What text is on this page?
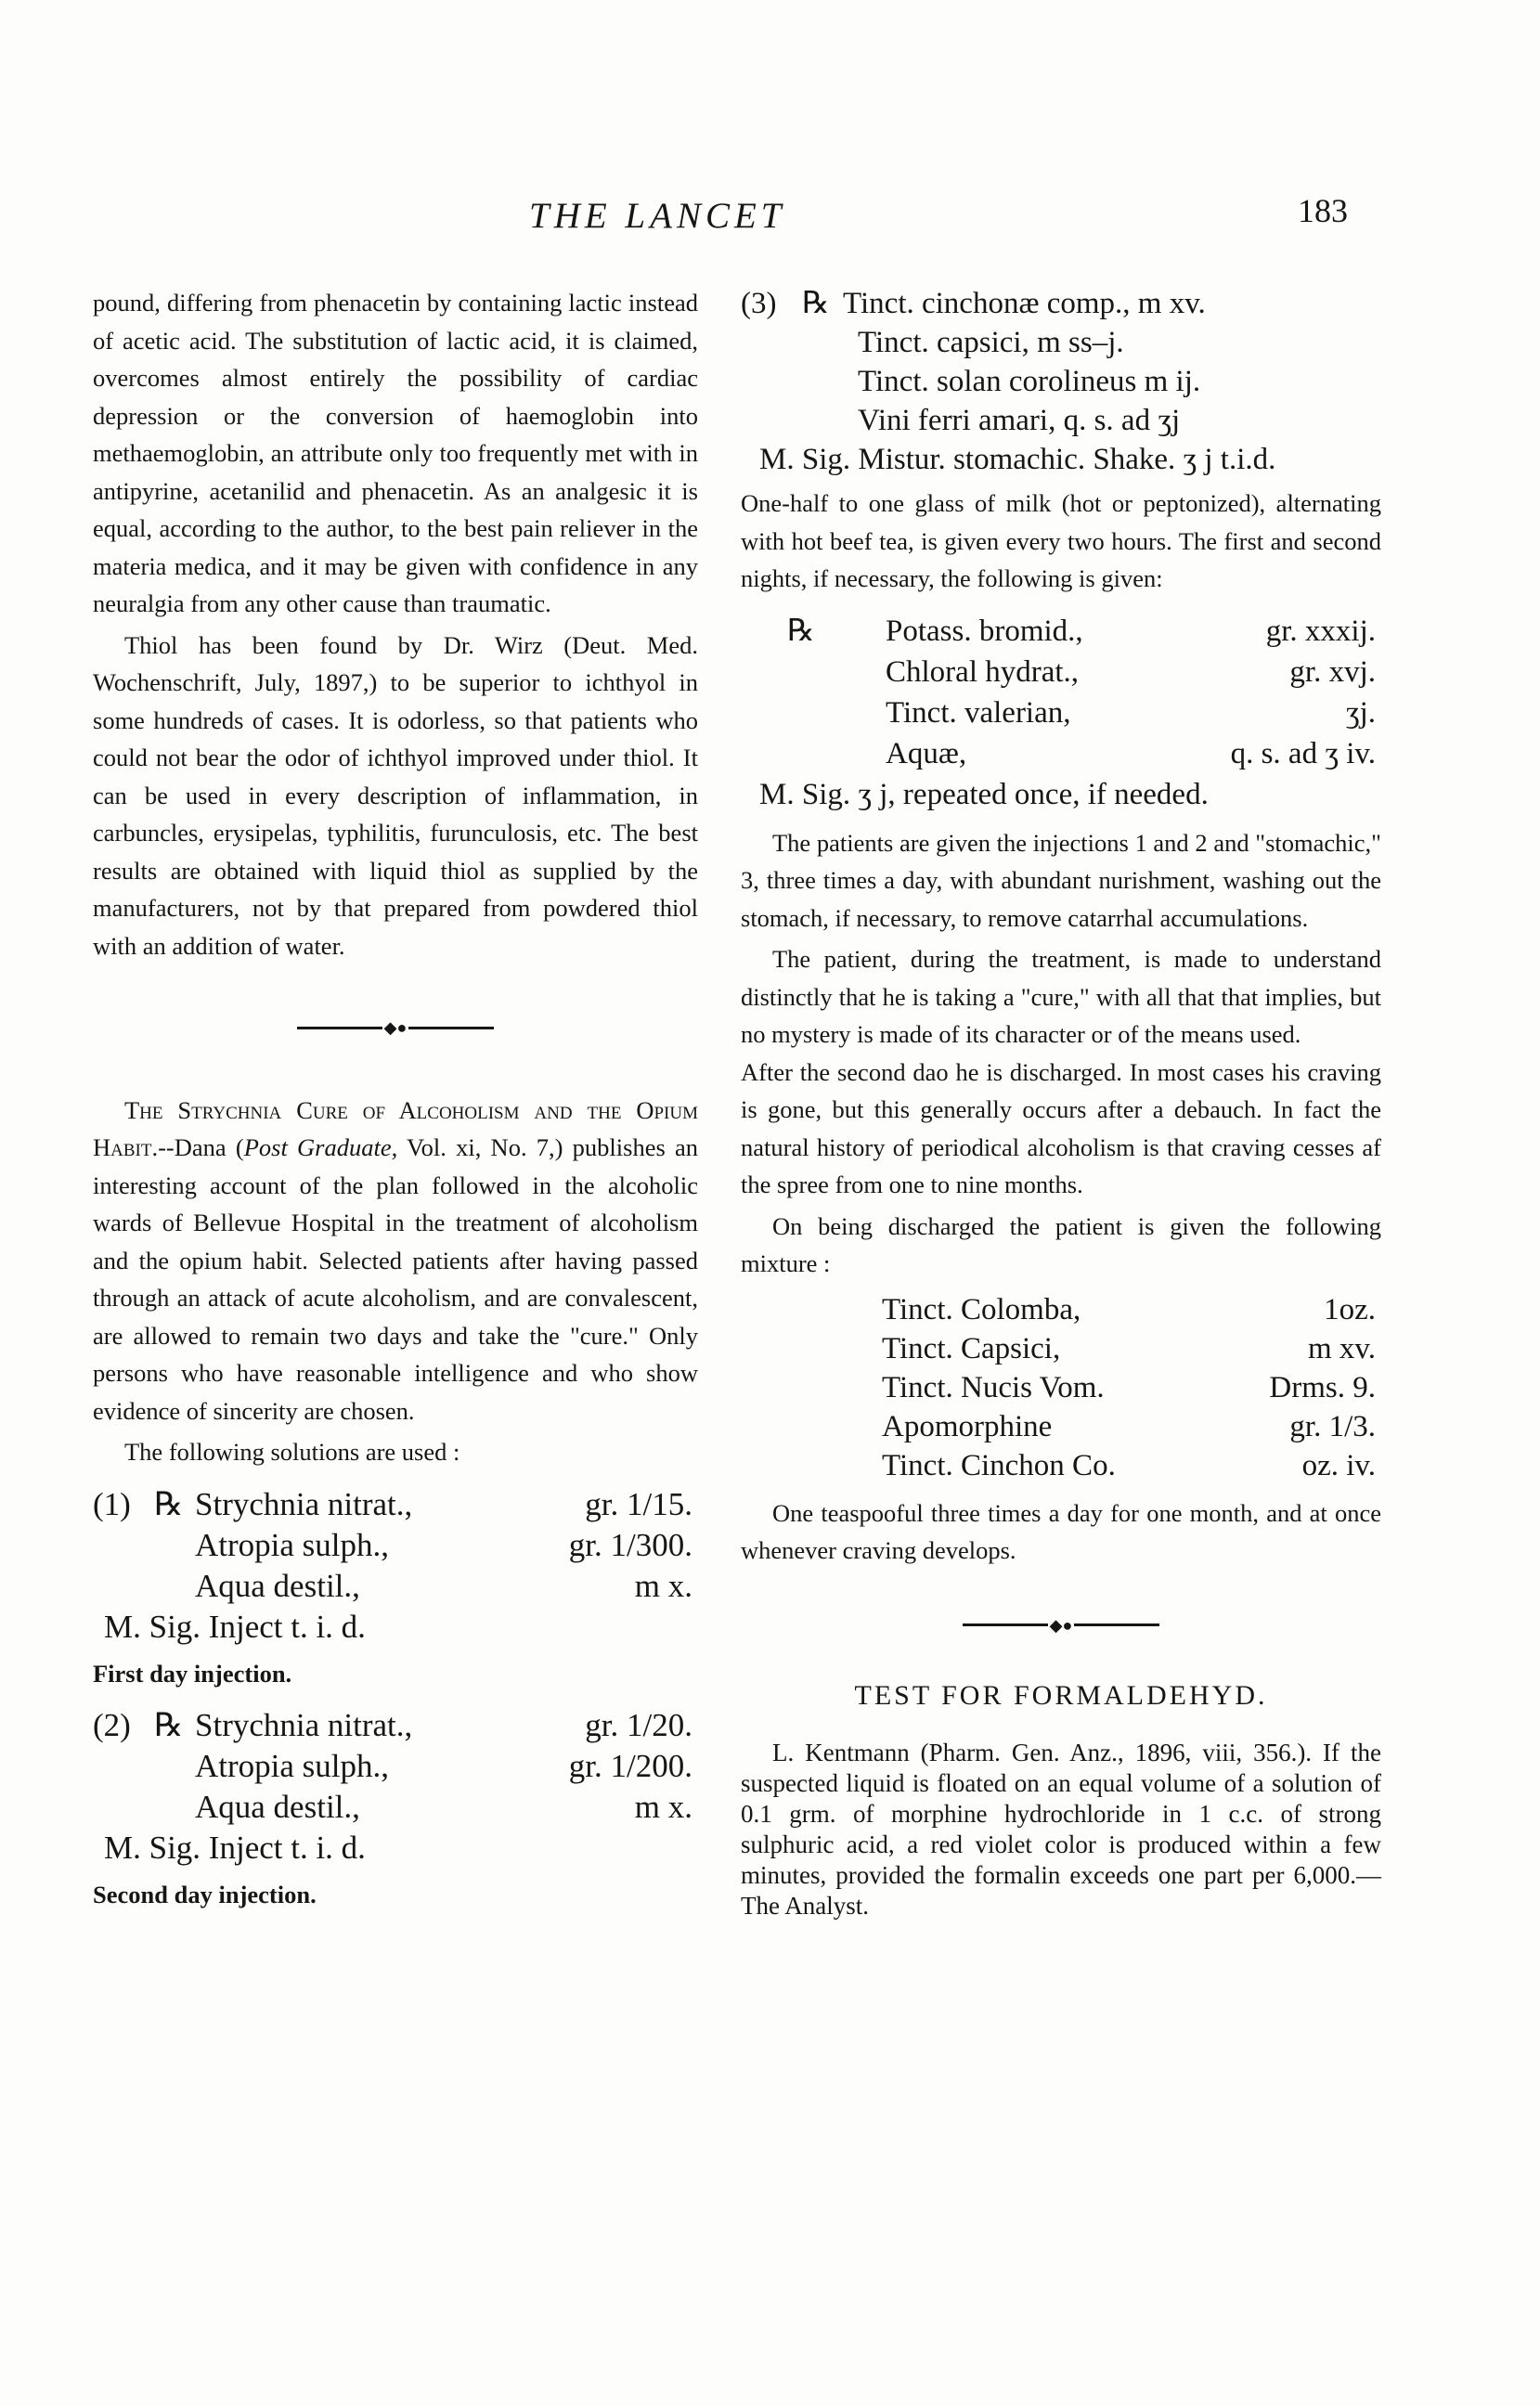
THE LANCET	183

pound, differing from phenacetin by containing lactic instead of acetic acid. The substitution of lactic acid, it is claimed, overcomes almost entirely the possibility of cardiac depression or the conversion of haemoglobin into methaemoglobin, an attribute only too frequently met with in antipyrine, acetanilid and phenacetin. As an analgesic it is equal, according to the author, to the best pain reliever in the materia medica, and it may be given with confidence in any neuralgia from any other cause than traumatic.

Thiol has been found by Dr. Wirz (Deut. Med. Wochenschrift, July, 1897,) to be superior to ichthyol in some hundreds of cases. It is odorless, so that patients who could not bear the odor of ichthyol improved under thiol. It can be used in every description of inflammation, in carbuncles, erysipelas, typhilitis, furunculosis, etc. The best results are obtained with liquid thiol as supplied by the manufacturers, not by that prepared from powdered thiol with an addition of water.

◆●

The Strychnia Cure of Alcoholism and the Opium Habit.--Dana (Post Graduate, Vol. xi, No. 7,) publishes an interesting account of the plan followed in the alcoholic wards of Bellevue Hospital in the treatment of alcoholism and the opium habit. Selected patients after having passed through an attack of acute alcoholism, and are convalescent, are allowed to remain two days and take the "cure." Only persons who have reasonable intelligence and who show evidence of sincerity are chosen.

The following solutions are used :

(1) ℞ Strychnia nitrat.,	gr. 1/15.
Atropia sulph.,	gr. 1/300.
Aqua destil.,	m x.
M. Sig. Inject t. i. d.

First day injection.

(2) ℞ Strychnia nitrat.,	gr. 1/20.
Atropia sulph.,	gr. 1/200.
Aqua destil.,	m x.
M. Sig. Inject t. i. d.

Second day injection.

(3) ℞ Tinct. cinchonæ comp., m xv.
Tinct. capsici, m ss–j.
Tinct. solan corolineus m ij.
Vini ferri amari, q. s. ad ʒj
M. Sig. Mistur. stomachic. Shake. ʒ j t.i.d.

One-half to one glass of milk (hot or peptonized), alternating with hot beef tea, is given every two hours. The first and second nights, if necessary, the following is given:

℞ Potass. bromid.,	gr. xxxij.
Chloral hydrat.,	gr. xvj.
Tinct. valerian,	ʒj.
Aquæ,	q. s. ad ʒ iv.
M. Sig. ʒ j, repeated once, if needed.

The patients are given the injections 1 and 2 and "stomachic," 3, three times a day, with abundant nurishment, washing out the stomach, if necessary, to remove catarrhal accumulations.

The patient, during the treatment, is made to understand distinctly that he is taking a "cure," with all that that implies, but no mystery is made of its character or of the means used.

After the second dao he is discharged. In most cases his craving is gone, but this generally occurs after a debauch. In fact the natural history of periodical alcoholism is that craving cesses af the spree from one to nine months.

On being discharged the patient is given the following mixture :

Tinct. Colomba,	1oz.
Tinct. Capsici,	m xv.
Tinct. Nucis Vom.	Drms. 9.
Apomorphine	gr. 1/3.
Tinct. Cinchon Co.	oz. iv.

One teaspooful three times a day for one month, and at once whenever craving develops.

◆●
TEST FOR FORMALDEHYD.

L. Kentmann (Pharm. Gen. Anz., 1896, viii, 356.). If the suspected liquid is floated on an equal volume of a solution of 0.1 grm. of morphine hydrochloride in 1 c.c. of strong sulphuric acid, a red violet color is produced within a few minutes, provided the formalin exceeds one part per 6,000.—The Analyst.
